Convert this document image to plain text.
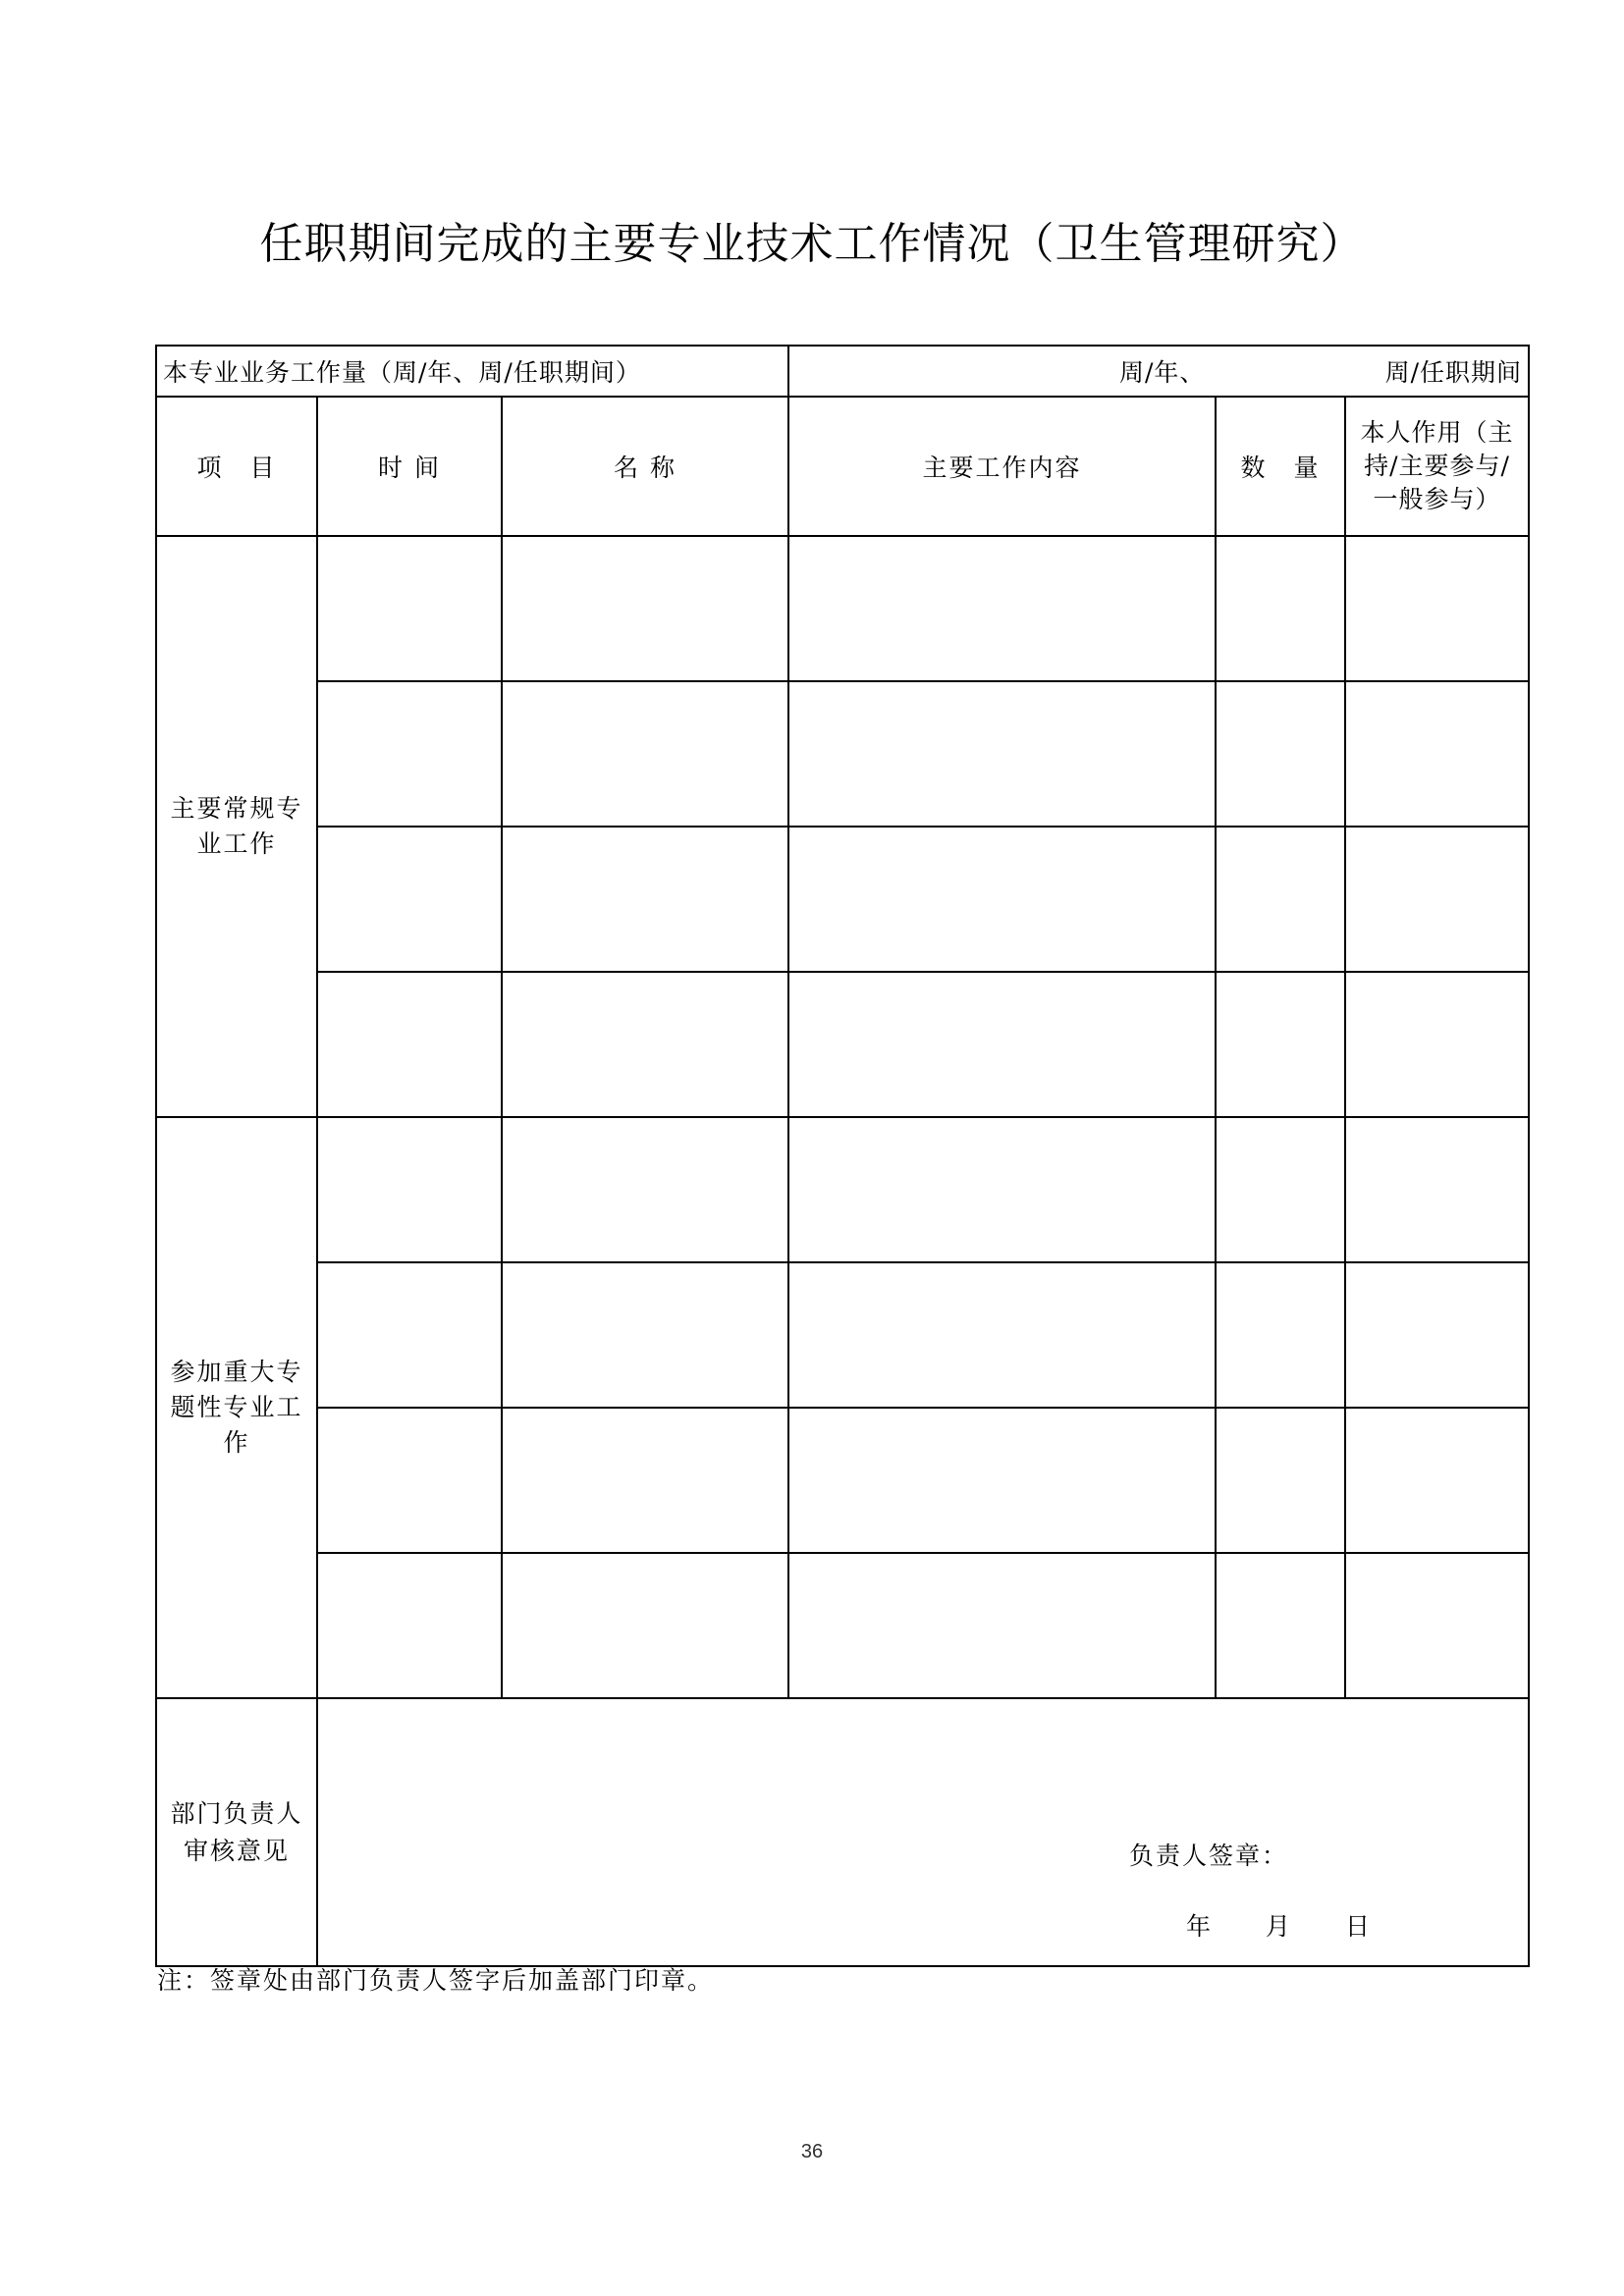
任职期间完成的主要专业技术工作情况（卫生管理研究）
本专业业务工作量（周/年、周/任职期间）			周/年、 周/任职期间		

项　目	时 间	名 称	主要工作内容	数　量	本人作用（主持/主要参与/一般参与）
主要常规专业工作					

参加重大专题性专业工作					

部门负责人审核意见	负责人签章：
年　　月　　日				
注：签章处由部门负责人签字后加盖部门印章。
36
